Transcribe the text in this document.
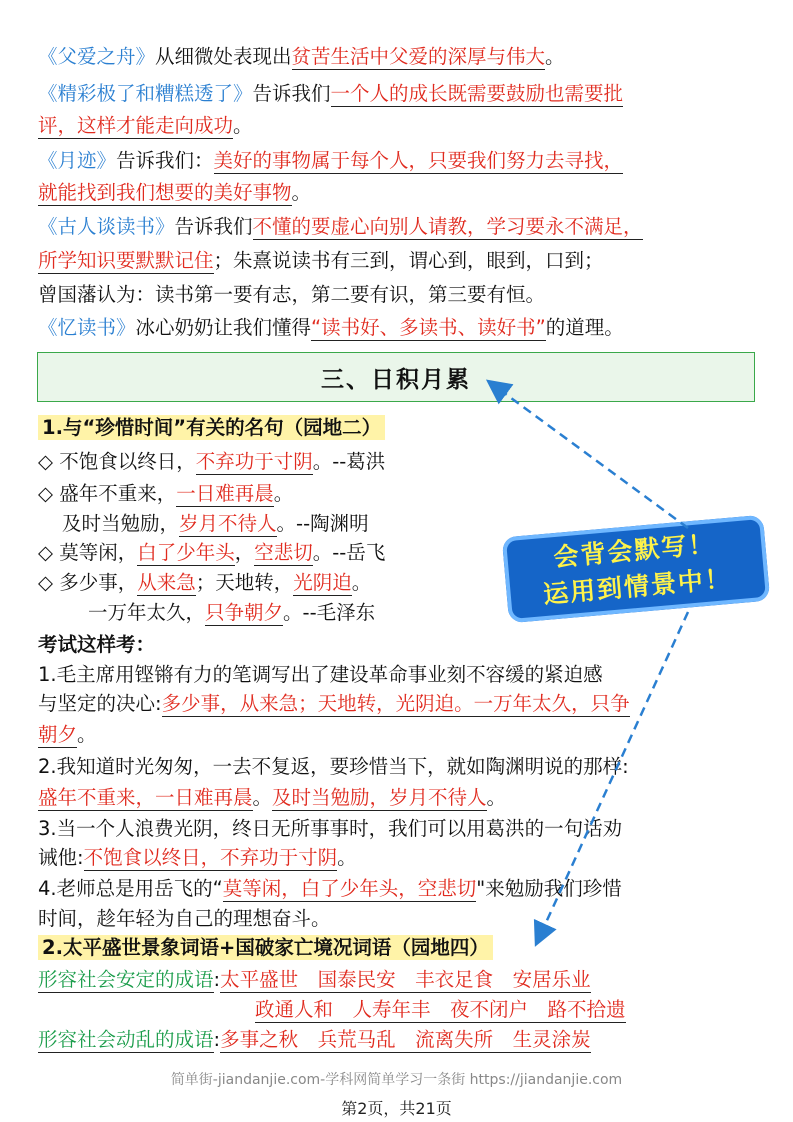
《父爱之舟》从细微处表现出贫苦生活中父爱的深厚与伟大。
《精彩极了和糟糕透了》告诉我们一个人的成长既需要鼓励也需要批
评，这样才能走向成功。
《月迹》告诉我们：美好的事物属于每个人，只要我们努力去寻找，
就能找到我们想要的美好事物。
《古人谈读书》告诉我们不懂的要虚心向别人请教，学习要永不满足，
所学知识要默默记住；朱熹说读书有三到，谓心到，眼到，口到；
曾国藩认为：读书第一要有志，第二要有识，第三要有恒。
《忆读书》冰心奶奶让我们懂得“读书好、多读书、读好书”的道理。
三、日积月累
1.与“珍惜时间”有关的名句（园地二）
◇ 不饱食以终日，不弃功于寸阴。--葛洪
◇ 盛年不重来，一日难再晨。
及时当勉励，岁月不待人。--陶渊明
◇ 莫等闲，白了少年头，空悲切。--岳飞
◇ 多少事，从来急；天地转，光阴迫。
一万年太久，只争朝夕。--毛泽东
会背会默写！
运用到情景中！
考试这样考：
1.毛主席用铿锵有力的笔调写出了建设革命事业刻不容缓的紧迫感
与坚定的决心:多少事，从来急；天地转，光阴迫。一万年太久，只争
朝夕。
2.我知道时光匆匆，一去不复返，要珍惜当下，就如陶渊明说的那样:
盛年不重来，一日难再晨。及时当勉励，岁月不待人。
3.当一个人浪费光阴，终日无所事事时，我们可以用葛洪的一句话劝
诫他:不饱食以终日，不弃功于寸阴。
4.老师总是用岳飞的“莫等闲，白了少年头，空悲切"来勉励我们珍惜
时间，趁年轻为自己的理想奋斗。
2.太平盛世景象词语+国破家亡境况词语（园地四）
形容社会安定的成语:太平盛世　国泰民安　丰衣足食　安居乐业
政通人和　人寿年丰　夜不闭户　路不拾遗
形容社会动乱的成语:多事之秋　兵荒马乱　流离失所　生灵涂炭
简单街-jiandanjie.com-学科网简单学习一条街 https://jiandanjie.com
第2页，共21页
